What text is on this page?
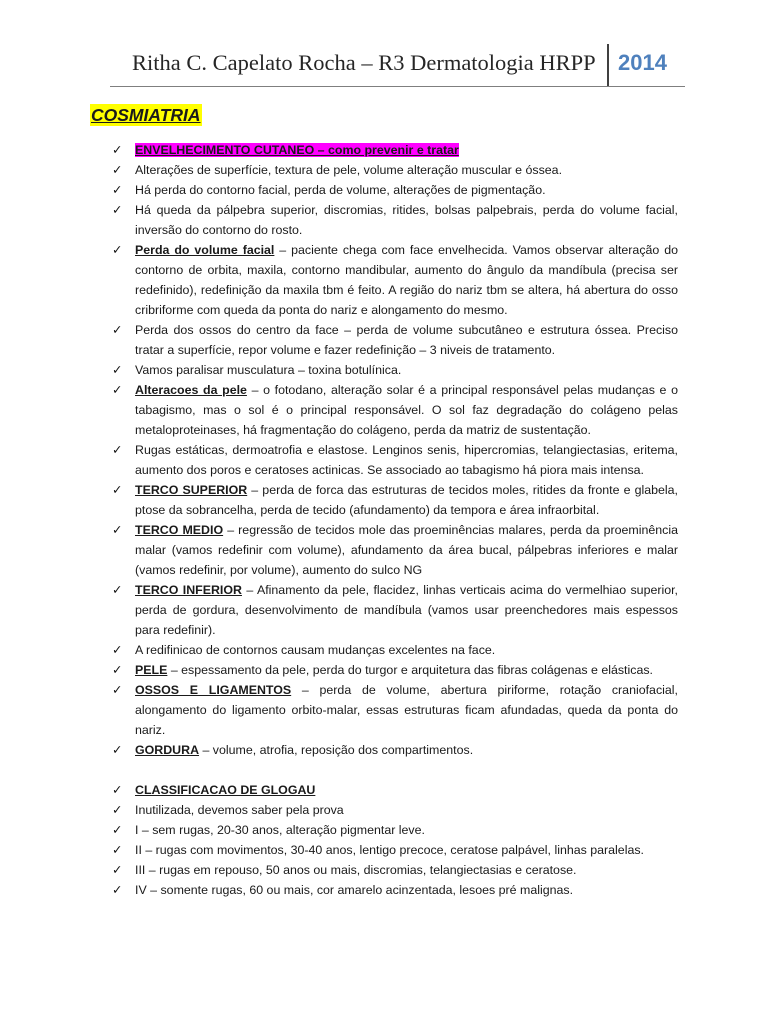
Ritha C. Capelato Rocha – R3 Dermatologia HRPP 2014
COSMIATRIA
✓ ENVELHECIMENTO CUTANEO – como prevenir e tratar
✓ Alterações de superfície, textura de pele, volume alteração muscular e óssea.
✓ Há perda do contorno facial, perda de volume, alterações de pigmentação.
✓ Há queda da pálpebra superior, discromias, ritides, bolsas palpebrais, perda do volume facial, inversão do contorno do rosto.
✓ Perda do volume facial – paciente chega com face envelhecida. Vamos observar alteração do contorno de orbita, maxila, contorno mandibular, aumento do ângulo da mandíbula (precisa ser redefinido), redefinição da maxila tbm é feito. A região do nariz tbm se altera, há abertura do osso cribriforme com queda da ponta do nariz e alongamento do mesmo.
✓ Perda dos ossos do centro da face – perda de volume subcutâneo e estrutura óssea. Preciso tratar a superfície, repor volume e fazer redefinição – 3 niveis de tratamento.
✓ Vamos paralisar musculatura – toxina botulínica.
✓ Alteracoes da pele – o fotodano, alteração solar é a principal responsável pelas mudanças e o tabagismo, mas o sol é o principal responsável. O sol faz degradação do colágeno pelas metaloproteinases, há fragmentação do colágeno, perda da matriz de sustentação.
✓ Rugas estáticas, dermoatrofia e elastose. Lenginos senis, hipercromias, telangiectasias, eritema, aumento dos poros e ceratoses actinicas. Se associado ao tabagismo há piora mais intensa.
✓ TERCO SUPERIOR – perda de forca das estruturas de tecidos moles, ritides da fronte e glabela, ptose da sobrancelha, perda de tecido (afundamento) da tempora e área infraorbital.
✓ TERCO MEDIO – regressão de tecidos mole das proeminências malares, perda da proeminência malar (vamos redefinir com volume), afundamento da área bucal, pálpebras inferiores e malar (vamos redefinir, por volume), aumento do sulco NG
✓ TERCO INFERIOR – Afinamento da pele, flacidez, linhas verticais acima do vermelhiao superior, perda de gordura, desenvolvimento de mandíbula (vamos usar preenchedores mais espessos para redefinir).
✓ A redifinicao de contornos causam mudanças excelentes na face.
✓ PELE – espessamento da pele, perda do turgor e arquitetura das fibras colágenas e elásticas.
✓ OSSOS E LIGAMENTOS – perda de volume, abertura piriforme, rotação craniofacial, alongamento do ligamento orbito-malar, essas estruturas ficam afundadas, queda da ponta do nariz.
✓ GORDURA – volume, atrofia, reposição dos compartimentos.
✓ CLASSIFICACAO DE GLOGAU
✓ Inutilizada, devemos saber pela prova
✓ I – sem rugas, 20-30 anos, alteração pigmentar leve.
✓ II – rugas com movimentos, 30-40 anos, lentigo precoce, ceratose palpável, linhas paralelas.
✓ III – rugas em repouso, 50 anos ou mais, discromias, telangiectasias e ceratose.
✓ IV – somente rugas, 60 ou mais, cor amarelo acinzentada, lesoes pré malignas.
